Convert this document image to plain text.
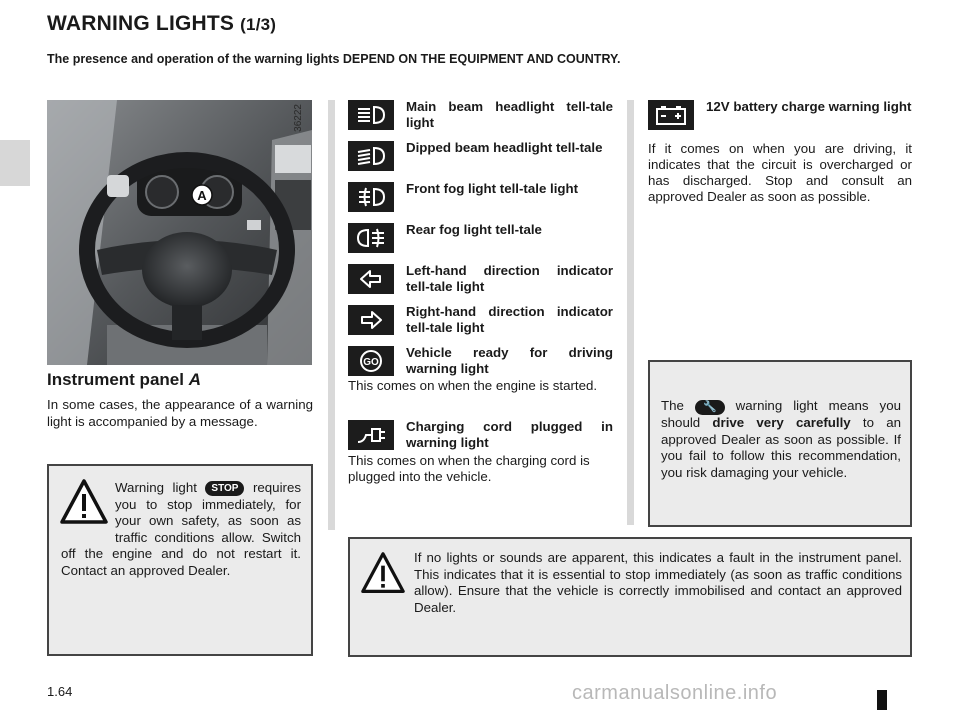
WARNING LIGHTS (1/3)
The presence and operation of the warning lights DEPEND ON THE EQUIPMENT AND COUNTRY.
A
36222
Instrument panel A
In some cases, the appearance of a warning light is accompanied by a message.
Warning light STOP requires you to stop immediately, for your own safety, as soon as traffic conditions allow. Switch off the engine and do not restart it. Contact an approved Dealer.
Main beam headlight tell-tale light
Dipped beam headlight tell-tale
Front fog light tell-tale light
Rear fog light tell-tale
Left-hand direction indicator tell-tale light
Right-hand direction indicator tell-tale light
GO
Vehicle ready for driving warning light
This comes on when the engine is started.
Charging cord plugged in warning light
This comes on when the charging cord is plugged into the vehicle.
12V battery charge warning light
If it comes on when you are driving, it indicates that the circuit is overcharged or has discharged. Stop and consult an approved Dealer as soon as possible.
The 🔧 warning light means you should drive very carefully to an approved Dealer as soon as possible. If you fail to follow this recommendation, you risk damaging your vehicle.
If no lights or sounds are apparent, this indicates a fault in the instrument panel. This indicates that it is essential to stop immediately (as soon as traffic conditions allow). Ensure that the vehicle is correctly immobilised and contact an approved Dealer.
1.64	carmanualsonline.info
